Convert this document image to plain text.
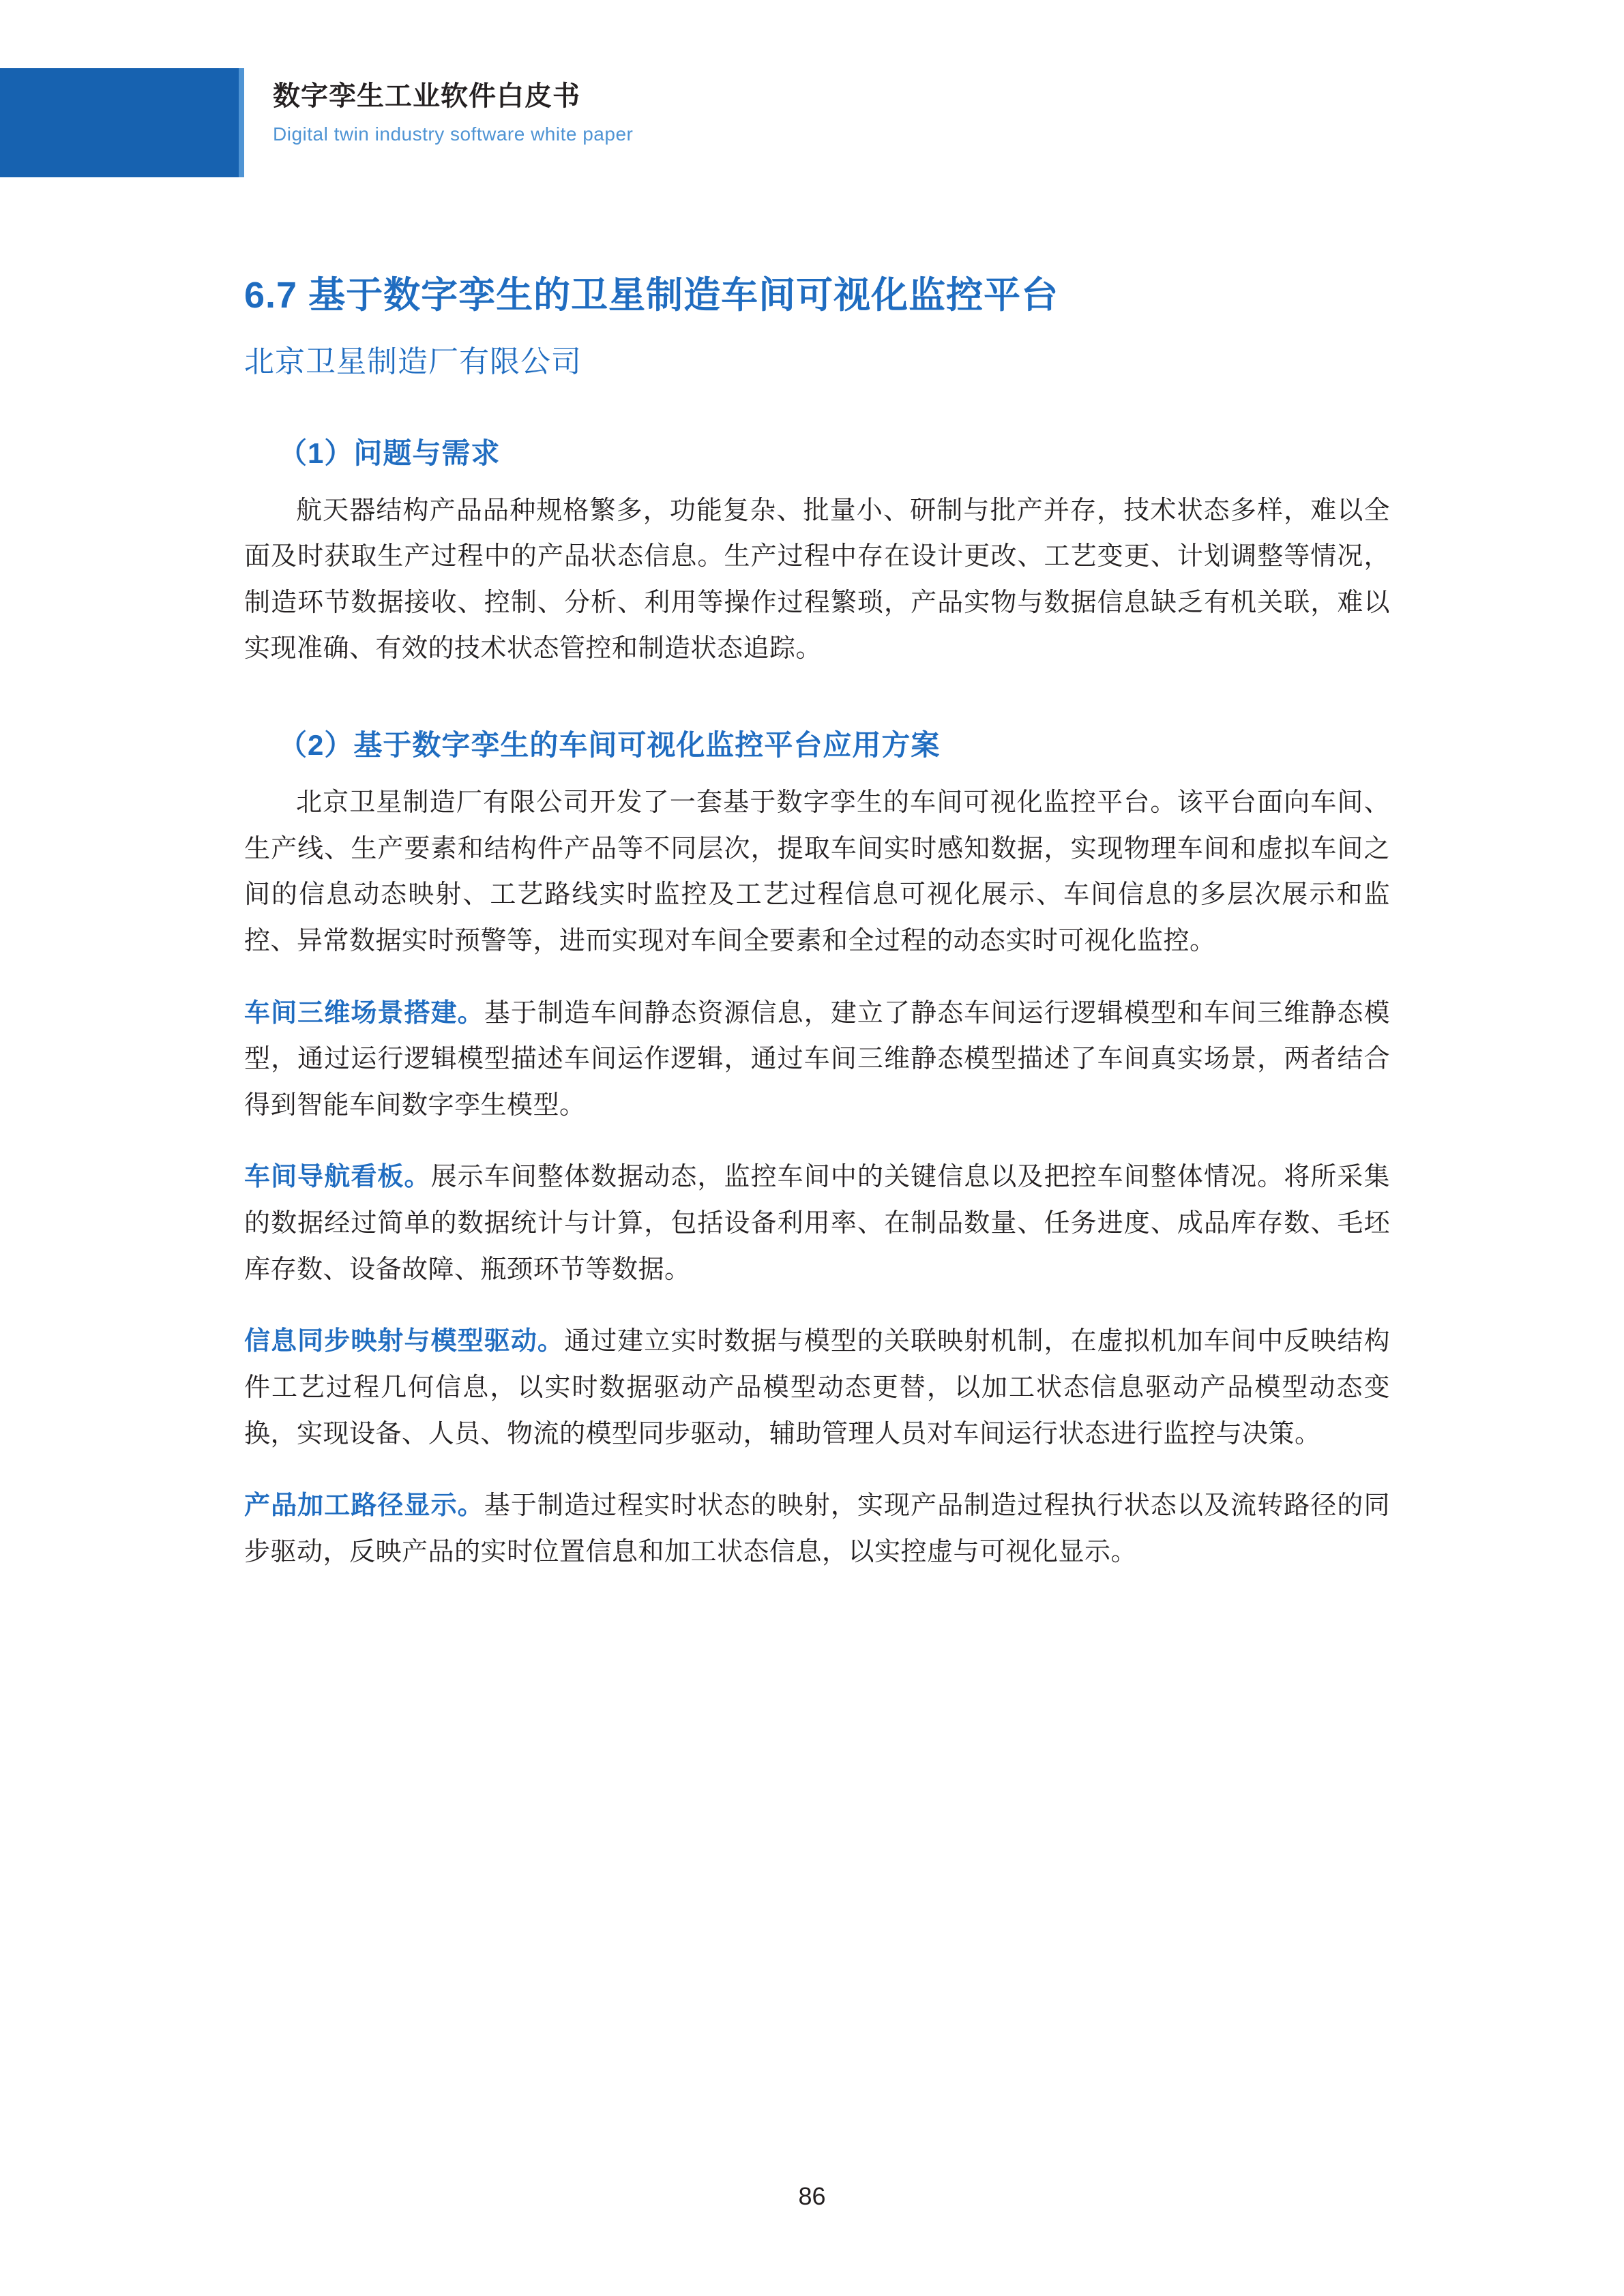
数字孪生工业软件白皮书
Digital twin industry software white paper
6.7 基于数字孪生的卫星制造车间可视化监控平台
北京卫星制造厂有限公司
（1）问题与需求

航天器结构产品品种规格繁多，功能复杂、批量小、研制与批产并存，技术状态多样，难以全面及时获取生产过程中的产品状态信息。生产过程中存在设计更改、工艺变更、计划调整等情况，制造环节数据接收、控制、分析、利用等操作过程繁琐，产品实物与数据信息缺乏有机关联，难以实现准确、有效的技术状态管控和制造状态追踪。

（2）基于数字孪生的车间可视化监控平台应用方案

北京卫星制造厂有限公司开发了一套基于数字孪生的车间可视化监控平台。该平台面向车间、生产线、生产要素和结构件产品等不同层次，提取车间实时感知数据，实现物理车间和虚拟车间之间的信息动态映射、工艺路线实时监控及工艺过程信息可视化展示、车间信息的多层次展示和监控、异常数据实时预警等，进而实现对车间全要素和全过程的动态实时可视化监控。

车间三维场景搭建。基于制造车间静态资源信息，建立了静态车间运行逻辑模型和车间三维静态模型，通过运行逻辑模型描述车间运作逻辑，通过车间三维静态模型描述了车间真实场景，两者结合得到智能车间数字孪生模型。

车间导航看板。展示车间整体数据动态，监控车间中的关键信息以及把控车间整体情况。将所采集的数据经过简单的数据统计与计算，包括设备利用率、在制品数量、任务进度、成品库存数、毛坯库存数、设备故障、瓶颈环节等数据。

信息同步映射与模型驱动。通过建立实时数据与模型的关联映射机制，在虚拟机加车间中反映结构件工艺过程几何信息，以实时数据驱动产品模型动态更替，以加工状态信息驱动产品模型动态变换，实现设备、人员、物流的模型同步驱动，辅助管理人员对车间运行状态进行监控与决策。

产品加工路径显示。基于制造过程实时状态的映射，实现产品制造过程执行状态以及流转路径的同步驱动，反映产品的实时位置信息和加工状态信息，以实控虚与可视化显示。

86
